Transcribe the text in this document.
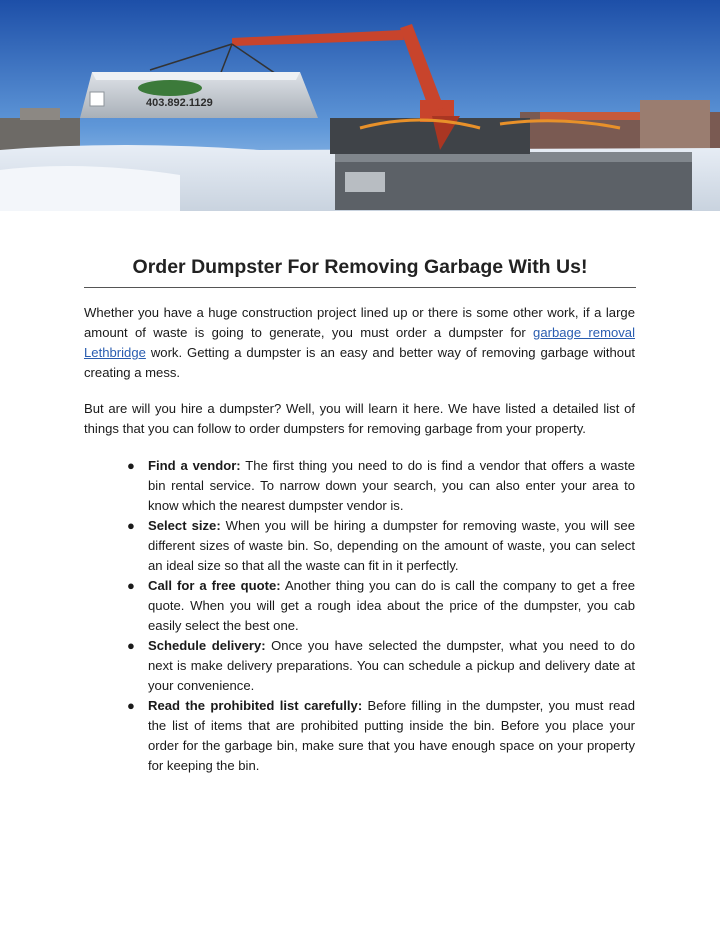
403.892.1129
Order Dumpster For Removing Garbage With Us!

Whether you have a huge construction project lined up or there is some other work, if a large amount of waste is going to generate, you must order a dumpster for garbage removal Lethbridge work. Getting a dumpster is an easy and better way of removing garbage without creating a mess.

But are will you hire a dumpster? Well, you will learn it here. We have listed a detailed list of things that you can follow to order dumpsters for removing garbage from your property.

● Find a vendor: The first thing you need to do is find a vendor that offers a waste bin rental service. To narrow down your search, you can also enter your area to know which the nearest dumpster vendor is.
● Select size: When you will be hiring a dumpster for removing waste, you will see different sizes of waste bin. So, depending on the amount of waste, you can select an ideal size so that all the waste can fit in it perfectly.
● Call for a free quote: Another thing you can do is call the company to get a free quote. When you will get a rough idea about the price of the dumpster, you cab easily select the best one.
● Schedule delivery: Once you have selected the dumpster, what you need to do next is make delivery preparations. You can schedule a pickup and delivery date at your convenience.
● Read the prohibited list carefully: Before filling in the dumpster, you must read the list of items that are prohibited putting inside the bin. Before you place your order for the garbage bin, make sure that you have enough space on your property for keeping the bin.
